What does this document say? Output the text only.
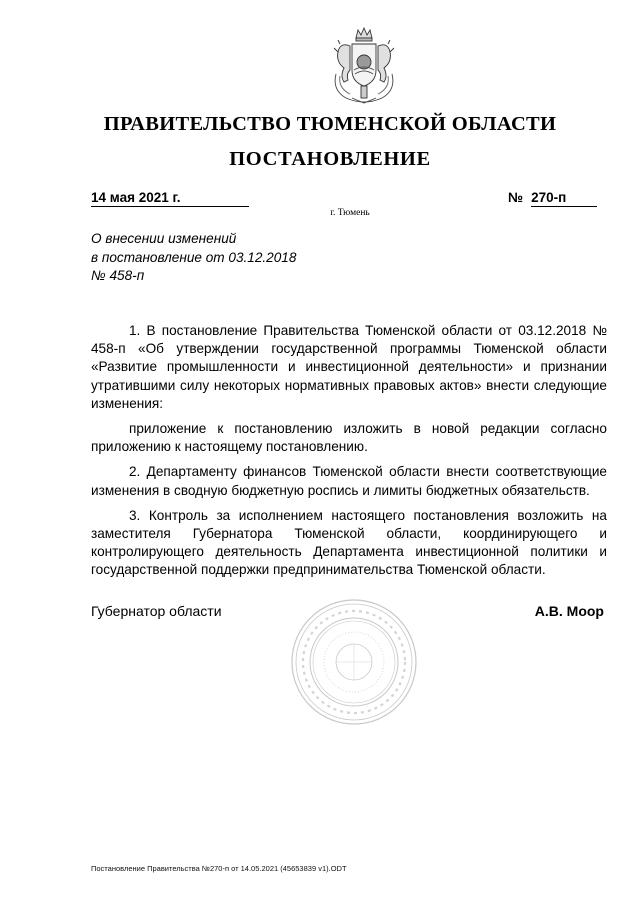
ПРАВИТЕЛЬСТВО ТЮМЕНСКОЙ ОБЛАСТИ
ПОСТАНОВЛЕНИЕ
14 мая 2021 г.	№ 270-п
г. Тюмень
О внесении изменений
в постановление от 03.12.2018
№ 458-п

1. В постановление Правительства Тюменской области от 03.12.2018 № 458-п «Об утверждении государственной программы Тюменской области «Развитие промышленности и инвестиционной деятельности» и признании утратившими силу некоторых нормативных правовых актов» внести следующие изменения:

приложение к постановлению изложить в новой редакции согласно приложению к настоящему постановлению.

2. Департаменту финансов Тюменской области внести соответствующие изменения в сводную бюджетную роспись и лимиты бюджетных обязательств.

3. Контроль за исполнением настоящего постановления возложить на заместителя Губернатора Тюменской области, координирующего и контролирующего деятельность Департамента инвестиционной политики и государственной поддержки предпринимательства Тюменской области.

Губернатор области	А.В. Моор
Постановление Правительства №270-п от 14.05.2021 (45653839 v1).ODT
